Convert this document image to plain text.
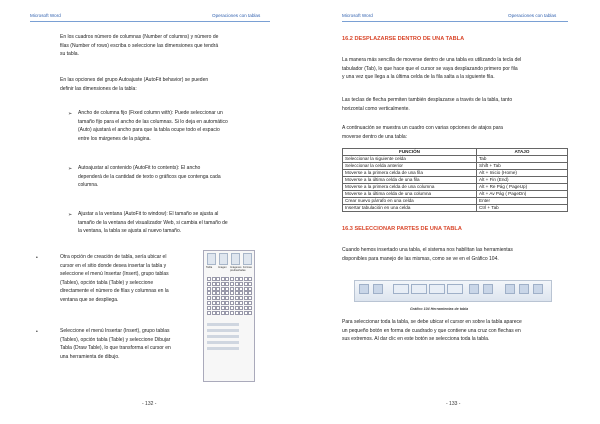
Microsoft Word	Operaciones con tablas
En los cuadros número de columnas (Number of columns) y número de
filas (Number of rows) escriba o seleccione las dimensiones que tendrá
su tabla.
En las opciones del grupo Autoajuste (AutoFit behavior) se pueden
definir las dimensiones de la tabla:
➢ Ancho de columna fijo (Fixed column with): Puede seleccionar un
tamaño fijo para el ancho de las columnas. Si lo deja en automático
(Auto) ajustará el ancho para que la tabla ocupe todo el espacio
entre los márgenes de la página.
➢ Autoajustar al contenido (AutoFit to contents): El ancho
dependerá de la cantidad de texto o gráficos que contenga cada
columna.
➢ Ajustar a la ventana (AutoFit to window): El tamaño se ajusta al
tamaño de la ventana del visualizador Web, si cambia el tamaño de
la ventana, la tabla se ajusta al nuevo tamaño.
•	Otra opción de creación de tabla, sería ubicar el
cursor en el sitio donde desea insertar la tabla y
seleccione el menú Insertar (Insert), grupo tablas
(Tables), opción tabla (Table) y seleccione
directamente el número de filas y columnas en la
ventana que se despliega.
•	Seleccione el menú Insertar (Insert), grupo tablas
(Tables), opción tabla (Table) y seleccione Dibujar
Tabla (Draw Table), lo que transforma el cursor en
una herramienta de dibujo.
Tabla Imagen Imágenes prediseñadas
Formas
- 132 -
Microsoft Word	Operaciones con tablas
16.2 DESPLAZARSE DENTRO DE UNA TABLA
La manera más sencilla de moverse dentro de una tabla es utilizando la tecla del
tabulador (Tab), lo que hace que el cursor se vaya desplazando primero por fila
y una vez que llega a la última celda de la fila salta a la siguiente fila.
Las teclas de flecha permiten también desplazarse a través de la tabla, tanto
horizontal como verticalmente.
A continuación se muestra un cuadro con varias opciones de atajos para
moverse dentro de una tabla:
FUNCIÓN	ATAJO
Seleccionar la siguiente celda	Tab
Seleccionar la celda anterior	Shift + Tab
Moverse a la primera celda de una fila	Alt + Inicio (Home)
Moverse a la última celda de una fila	Alt + Fin (End)
Moverse a la primera celda de una columna	Alt + Re Pág ( PageUp)
Moverse a la última celda de una columna	Alt + Av Pág ( PageDn)
Crear nuevo párrafo en una celda	Enter
Insertar tabulación en una celda	Ctrl + Tab
16.3 SELECCIONAR PARTES DE UNA TABLA
Cuando hemos insertado una tabla, el sistema nos habilitan las herramientas
disponibles para manejo de las mismas, como se ve en el Gráfico 104.
Gráfico 104 Herramientas de tabla
Para seleccionar toda la tabla, se debe ubicar el cursor en sobre la tabla aparece
un pequeño botón en forma de cuadrado y que contiene una cruz con flechas en
sus extremos. Al dar clic en este botón se selecciona toda la tabla.
- 133 -
